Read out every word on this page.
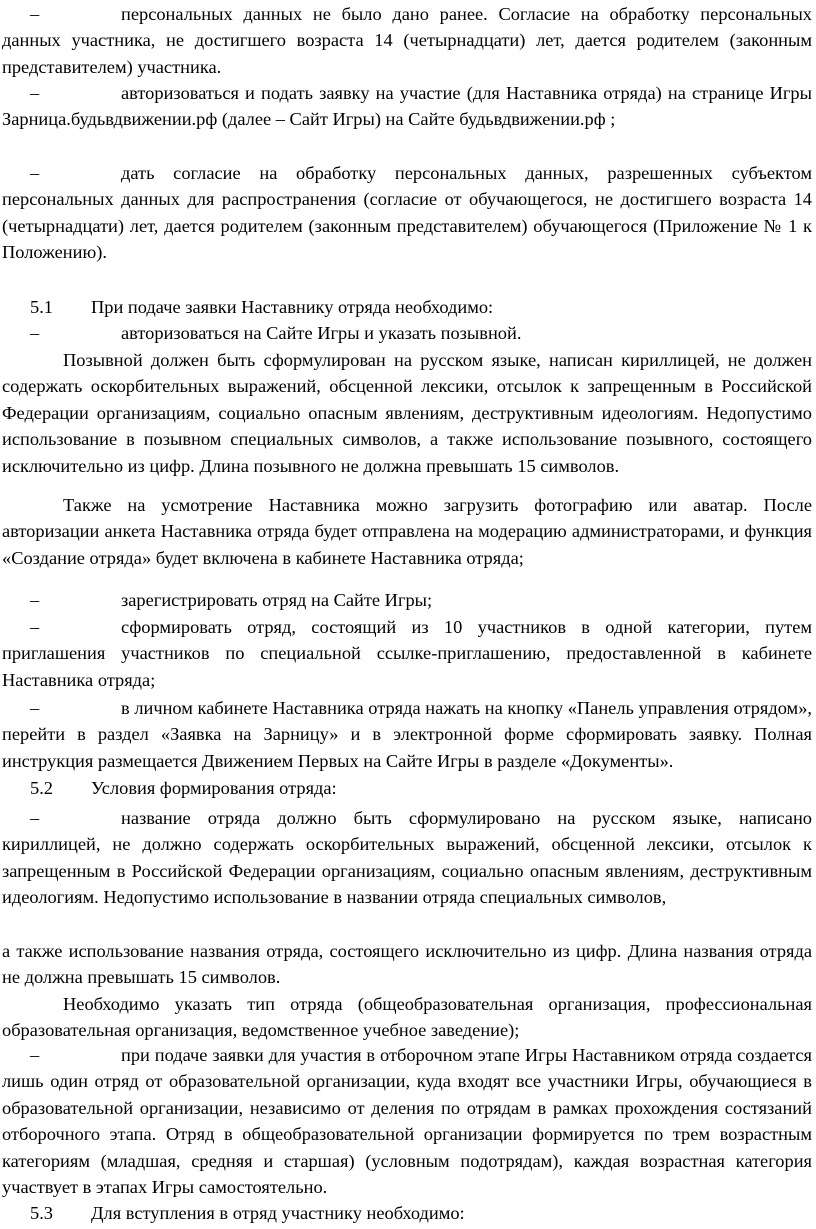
–	персональных данных не было дано ранее. Согласие на обработку персональных данных участника, не достигшего возраста 14 (четырнадцати) лет, дается родителем (законным представителем) участника.

–	авторизоваться и подать заявку на участие (для Наставника отряда) на странице Игры Зарница.будьвдвижении.рф (далее – Сайт Игры) на Сайте будьвдвижении.рф ;

–	дать согласие на обработку персональных данных, разрешенных субъектом персональных данных для распространения (согласие от обучающегося, не достигшего возраста 14 (четырнадцати) лет, дается родителем (законным представителем) обучающегося (Приложение № 1 к Положению).

5.1 При подаче заявки Наставнику отряда необходимо:

–	авторизоваться на Сайте Игры и указать позывной.

Позывной должен быть сформулирован на русском языке, написан кириллицей, не должен содержать оскорбительных выражений, обсценной лексики, отсылок к запрещенным в Российской Федерации организациям, социально опасным явлениям, деструктивным идеологиям. Недопустимо использование в позывном специальных символов, а также использование позывного, состоящего исключительно из цифр. Длина позывного не должна превышать 15 символов.

Также на усмотрение Наставника можно загрузить фотографию или аватар. После авторизации анкета Наставника отряда будет отправлена на модерацию администраторами, и функция «Создание отряда» будет включена в кабинете Наставника отряда;

–	зарегистрировать отряд на Сайте Игры;

–	сформировать отряд, состоящий из 10 участников в одной категории, путем приглашения участников по специальной ссылке-приглашению, предоставленной в кабинете Наставника отряда;

–	в личном кабинете Наставника отряда нажать на кнопку «Панель управления отрядом», перейти в раздел «Заявка на Зарницу» и в электронной форме сформировать заявку. Полная инструкция размещается Движением Первых на Сайте Игры в разделе «Документы».

5.2 Условия формирования отряда:

–	название отряда должно быть сформулировано на русском языке, написано кириллицей, не должно содержать оскорбительных выражений, обсценной лексики, отсылок к запрещенным в Российской Федерации организациям, социально опасным явлениям, деструктивным идеологиям. Недопустимо использование в названии отряда специальных символов,

а также использование названия отряда, состоящего исключительно из цифр. Длина названия отряда не должна превышать 15 символов.

Необходимо указать тип отряда (общеобразовательная организация, профессиональная образовательная организация, ведомственное учебное заведение);

–	при подаче заявки для участия в отборочном этапе Игры Наставником отряда создается лишь один отряд от образовательной организации, куда входят все участники Игры, обучающиеся в образовательной организации, независимо от деления по отрядам в рамках прохождения состязаний отборочного этапа. Отряд в общеобразовательной организации формируется по трем возрастным категориям (младшая, средняя и старшая) (условным подотрядам), каждая возрастная категория участвует в этапах Игры самостоятельно.

5.3 Для вступления в отряд участнику необходимо:
